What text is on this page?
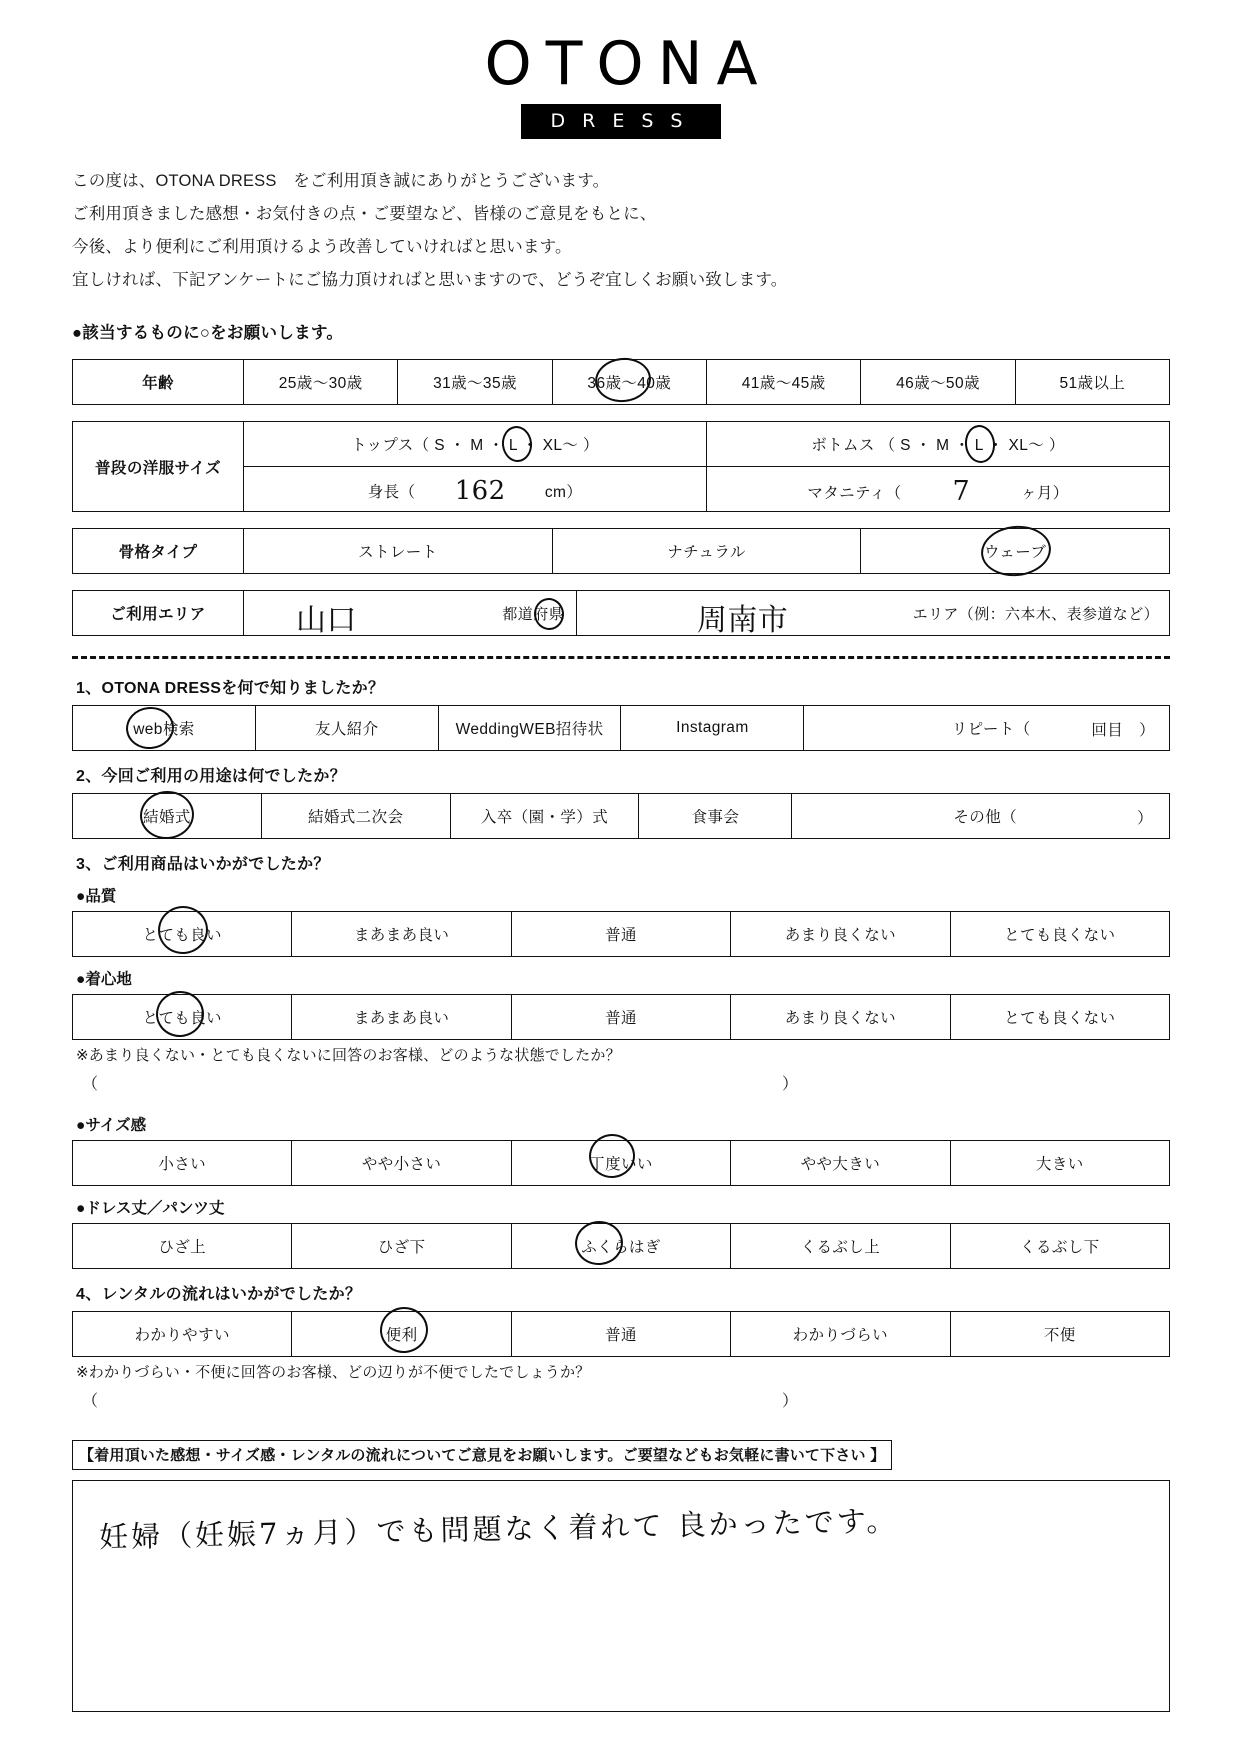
OTONA
DRESS
この度は、OTONA DRESS　をご利用頂き誠にありがとうございます。
ご利用頂きました感想・お気付きの点・ご要望など、皆様のご意見をもとに、
今後、より便利にご利用頂けるよう改善していければと思います。
宜しければ、下記アンケートにご協力頂ければと思いますので、どうぞ宜しくお願い致します。
●該当するものに○をお願いします。
年齢	25歳～30歳	31歳～35歳	36歳～40歳	41歳～45歳	46歳～50歳	51歳以上
普段の洋服サイズ	トップス（ S ・ M ・ L ・ XL～ ）	ボトムス （ S ・ M ・ L ・ XL～ ）

	身長（ 162 cm）	マタニティ（ 7 ヶ月）
骨格タイプ	ストレート	ナチュラル	ウェーブ
ご利用エリア	山口	都道府県	周南市	エリア（例：六本木、表参道など）
1、OTONA DRESSを何で知りましたか？
web検索	友人紹介	WeddingWEB招待状	Instagram	リピート（	回目　）
2、今回ご利用の用途は何でしたか？
結婚式	結婚式二次会	入卒（園・学）式	食事会	その他（	）
3、ご利用商品はいかがでしたか？
●品質
とても良い	まあまあ良い	普通	あまり良くない	とても良くない
●着心地
とても良い	まあまあ良い	普通	あまり良くない	とても良くない
※あまり良くない・とても良くないに回答のお客様、どのような状態でしたか？
（	）
●サイズ感
小さい	やや小さい	丁度いい	やや大きい	大きい
●ドレス丈／パンツ丈
ひざ上	ひざ下	ふくらはぎ	くるぶし上	くるぶし下
4、レンタルの流れはいかがでしたか？
わかりやすい	便利	普通	わかりづらい	不便
※わかりづらい・不便に回答のお客様、どの辺りが不便でしたでしょうか？
（	）
【着用頂いた感想・サイズ感・レンタルの流れについてご意見をお願いします。ご要望などもお気軽に書いて下さい 】
妊婦（妊娠7ヵ月）でも問題なく着れて 良かったです。
